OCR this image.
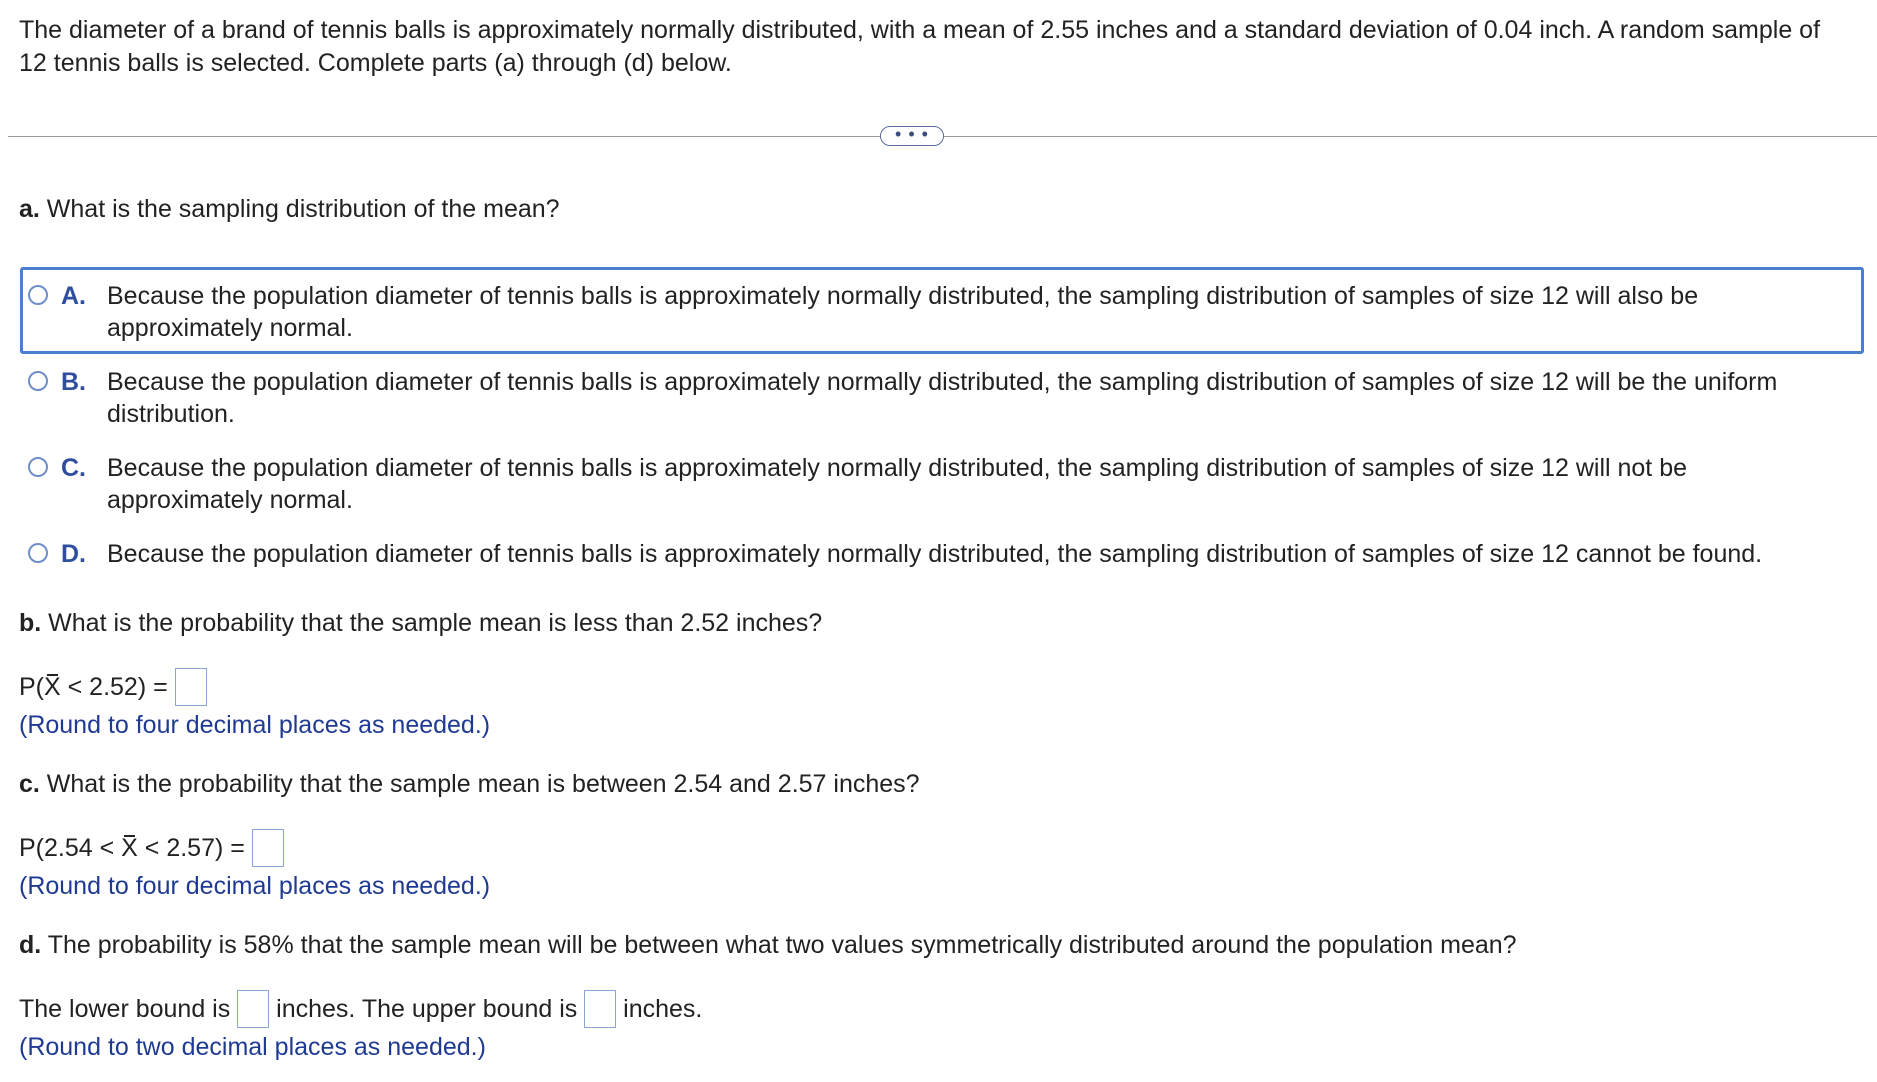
The diameter of a brand of tennis balls is approximately normally distributed, with a mean of 2.55 inches and a standard deviation of 0.04 inch. A random sample of 12 tennis balls is selected. Complete parts (a) through (d) below.

• • •

a. What is the sampling distribution of the mean?

A. Because the population diameter of tennis balls is approximately normally distributed, the sampling distribution of samples of size 12 will also be approximately normal.
B. Because the population diameter of tennis balls is approximately normally distributed, the sampling distribution of samples of size 12 will be the uniform distribution.
C. Because the population diameter of tennis balls is approximately normally distributed, the sampling distribution of samples of size 12 will not be approximately normal.
D. Because the population diameter of tennis balls is approximately normally distributed, the sampling distribution of samples of size 12 cannot be found.

b. What is the probability that the sample mean is less than 2.52 inches?

P( X < 2.52) =
(Round to four decimal places as needed.)

c. What is the probability that the sample mean is between 2.54 and 2.57 inches?

P(2.54 < X < 2.57) =
(Round to four decimal places as needed.)

d. The probability is 58% that the sample mean will be between what two values symmetrically distributed around the population mean?

The lower bound is inches. The upper bound is inches.
(Round to two decimal places as needed.)
